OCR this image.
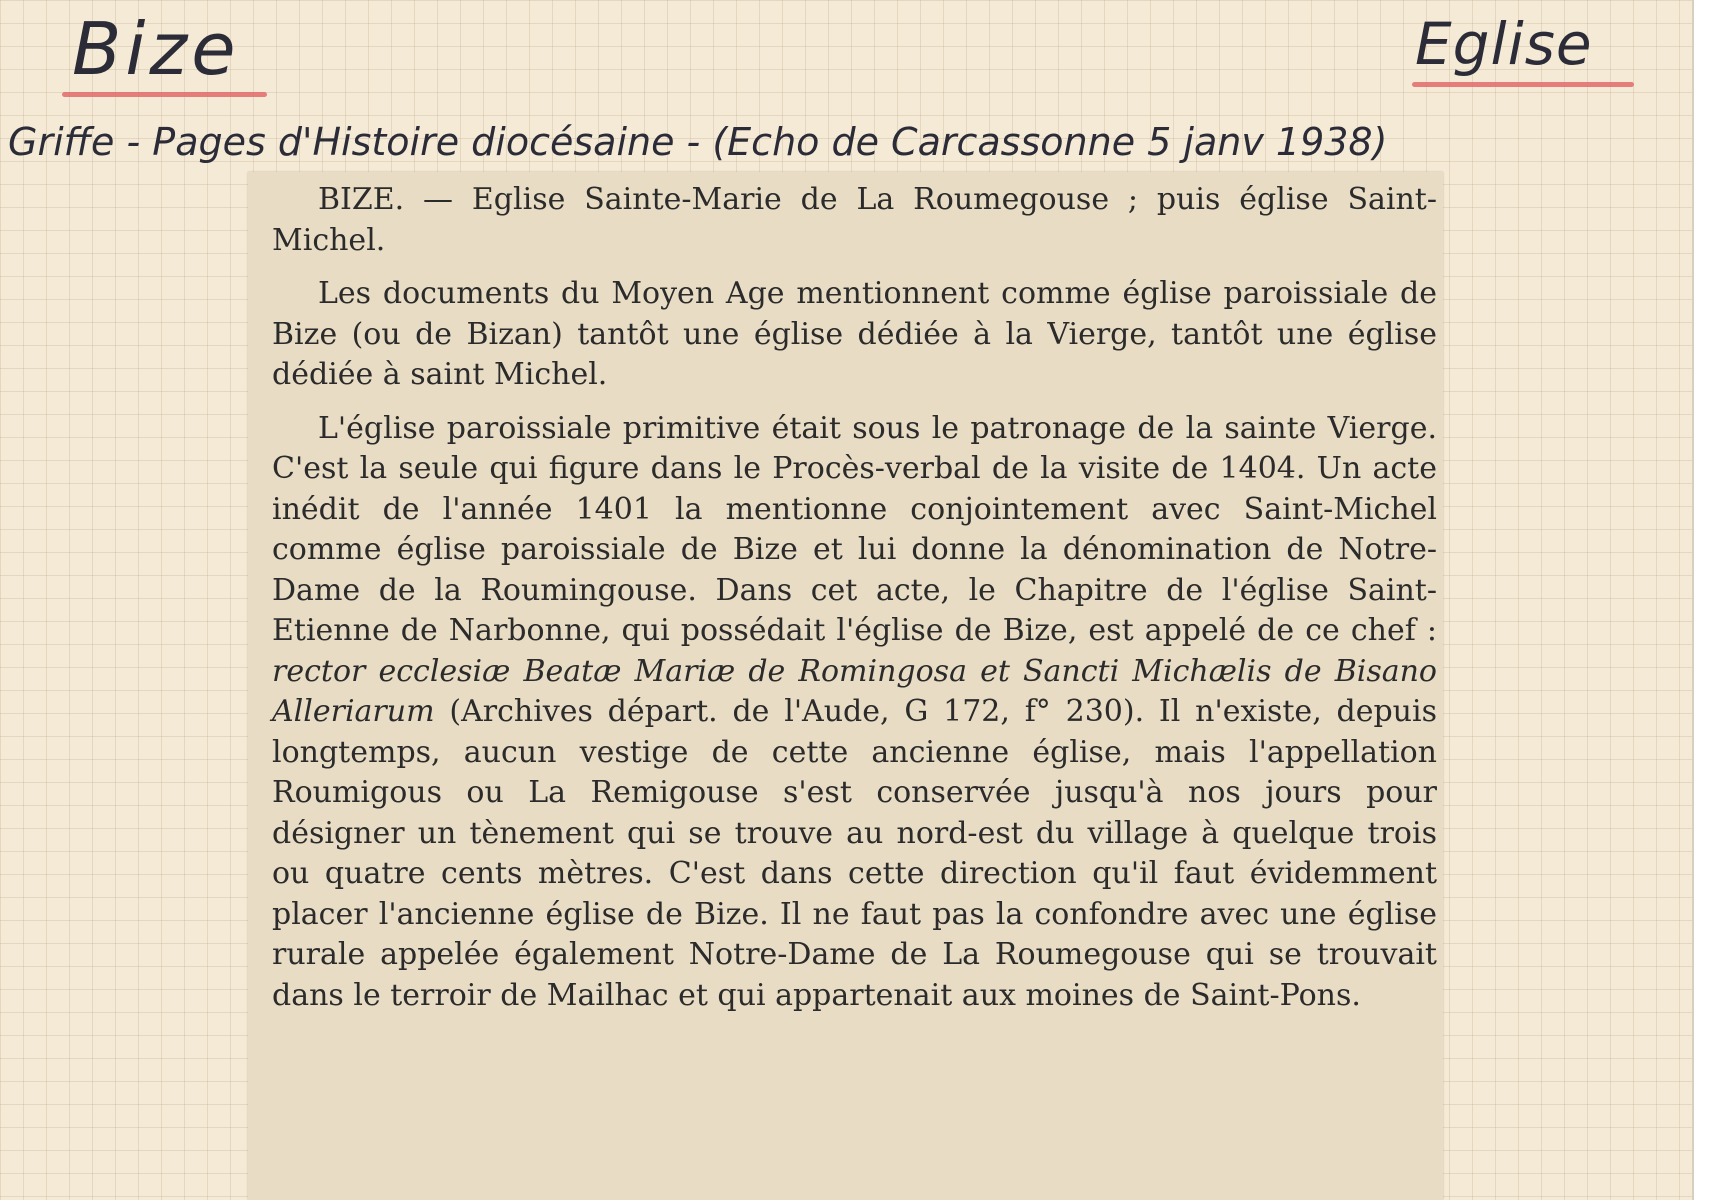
Bize	Eglise
Griffe - Pages d'Histoire diocésaine - (Echo de Carcassonne 5 janv 1938)

BIZE. — Eglise Sainte-Marie de La Roumegouse ; puis église Saint-Michel.

Les documents du Moyen Age mentionnent comme église paroissiale de Bize (ou de Bizan) tantôt une église dédiée à la Vierge, tantôt une église dédiée à saint Michel.

L'église paroissiale primitive était sous le patronage de la sainte Vierge. C'est la seule qui figure dans le Procès-verbal de la visite de 1404. Un acte inédit de l'année 1401 la mentionne conjointement avec Saint-Michel comme église paroissiale de Bize et lui donne la dénomination de Notre-Dame de la Roumingouse. Dans cet acte, le Chapitre de l'église Saint-Etienne de Narbonne, qui possédait l'église de Bize, est appelé de ce chef : rector ecclesiæ Beatæ Mariæ de Romingosa et Sancti Michælis de Bisano Alleriarum (Archives départ. de l'Aude, G 172, f° 230). Il n'existe, depuis longtemps, aucun vestige de cette ancienne église, mais l'appellation Roumigous ou La Remigouse s'est conservée jusqu'à nos jours pour désigner un tènement qui se trouve au nord-est du village à quelque trois ou quatre cents mètres. C'est dans cette direction qu'il faut évidemment placer l'ancienne église de Bize. Il ne faut pas la confondre avec une église rurale appelée également Notre-Dame de La Roumegouse qui se trouvait dans le terroir de Mailhac et qui appartenait aux moines de Saint-Pons.
